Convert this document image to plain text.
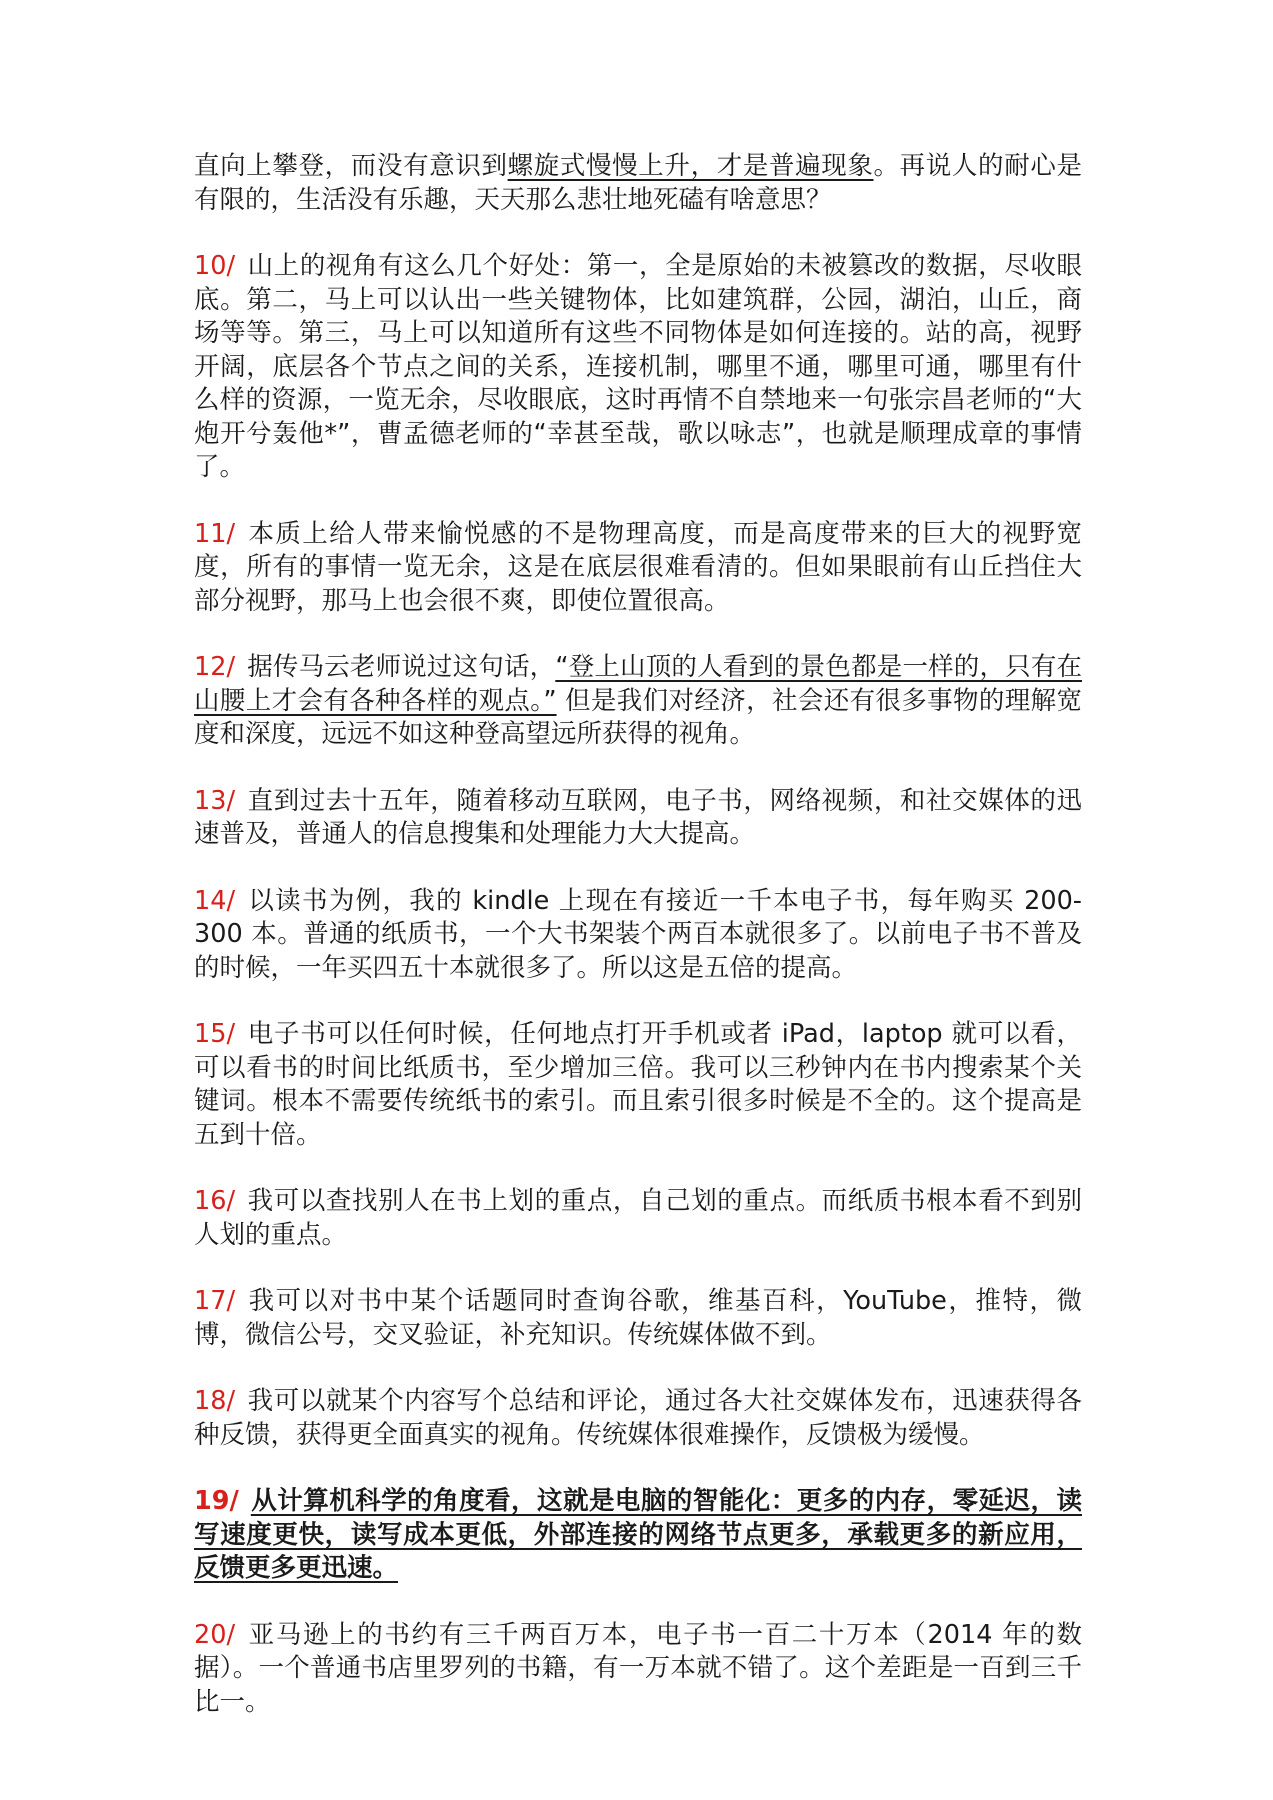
直向上攀登，而没有意识到螺旋式慢慢上升，才是普遍现象。再说人的耐心是有限的，生活没有乐趣，天天那么悲壮地死磕有啥意思？

10/ 山上的视角有这么几个好处：第一，全是原始的未被篡改的数据，尽收眼底。第二，马上可以认出一些关键物体，比如建筑群，公园，湖泊，山丘，商场等等。第三，马上可以知道所有这些不同物体是如何连接的。站的高，视野开阔，底层各个节点之间的关系，连接机制，哪里不通，哪里可通，哪里有什么样的资源，一览无余，尽收眼底，这时再情不自禁地来一句张宗昌老师的“大炮开兮轰他*”，曹孟德老师的“幸甚至哉，歌以咏志”，也就是顺理成章的事情了。

11/ 本质上给人带来愉悦感的不是物理高度，而是高度带来的巨大的视野宽度，所有的事情一览无余，这是在底层很难看清的。但如果眼前有山丘挡住大部分视野，那马上也会很不爽，即使位置很高。

12/ 据传马云老师说过这句话，“登上山顶的人看到的景色都是一样的，只有在山腰上才会有各种各样的观点。” 但是我们对经济，社会还有很多事物的理解宽度和深度，远远不如这种登高望远所获得的视角。

13/ 直到过去十五年，随着移动互联网，电子书，网络视频，和社交媒体的迅速普及，普通人的信息搜集和处理能力大大提高。

14/ 以读书为例，我的 kindle 上现在有接近一千本电子书，每年购买 200-300 本。普通的纸质书，一个大书架装个两百本就很多了。以前电子书不普及的时候，一年买四五十本就很多了。所以这是五倍的提高。

15/ 电子书可以任何时候，任何地点打开手机或者 iPad，laptop 就可以看，可以看书的时间比纸质书，至少增加三倍。我可以三秒钟内在书内搜索某个关键词。根本不需要传统纸书的索引。而且索引很多时候是不全的。这个提高是五到十倍。

16/ 我可以查找别人在书上划的重点，自己划的重点。而纸质书根本看不到别人划的重点。

17/ 我可以对书中某个话题同时查询谷歌，维基百科，YouTube，推特，微博，微信公号，交叉验证，补充知识。传统媒体做不到。

18/ 我可以就某个内容写个总结和评论，通过各大社交媒体发布，迅速获得各种反馈，获得更全面真实的视角。传统媒体很难操作，反馈极为缓慢。

19/ 从计算机科学的角度看，这就是电脑的智能化：更多的内存，零延迟，读写速度更快，读写成本更低，外部连接的网络节点更多，承载更多的新应用，反馈更多更迅速。

20/ 亚马逊上的书约有三千两百万本，电子书一百二十万本（2014 年的数据）。一个普通书店里罗列的书籍，有一万本就不错了。这个差距是一百到三千比一。
